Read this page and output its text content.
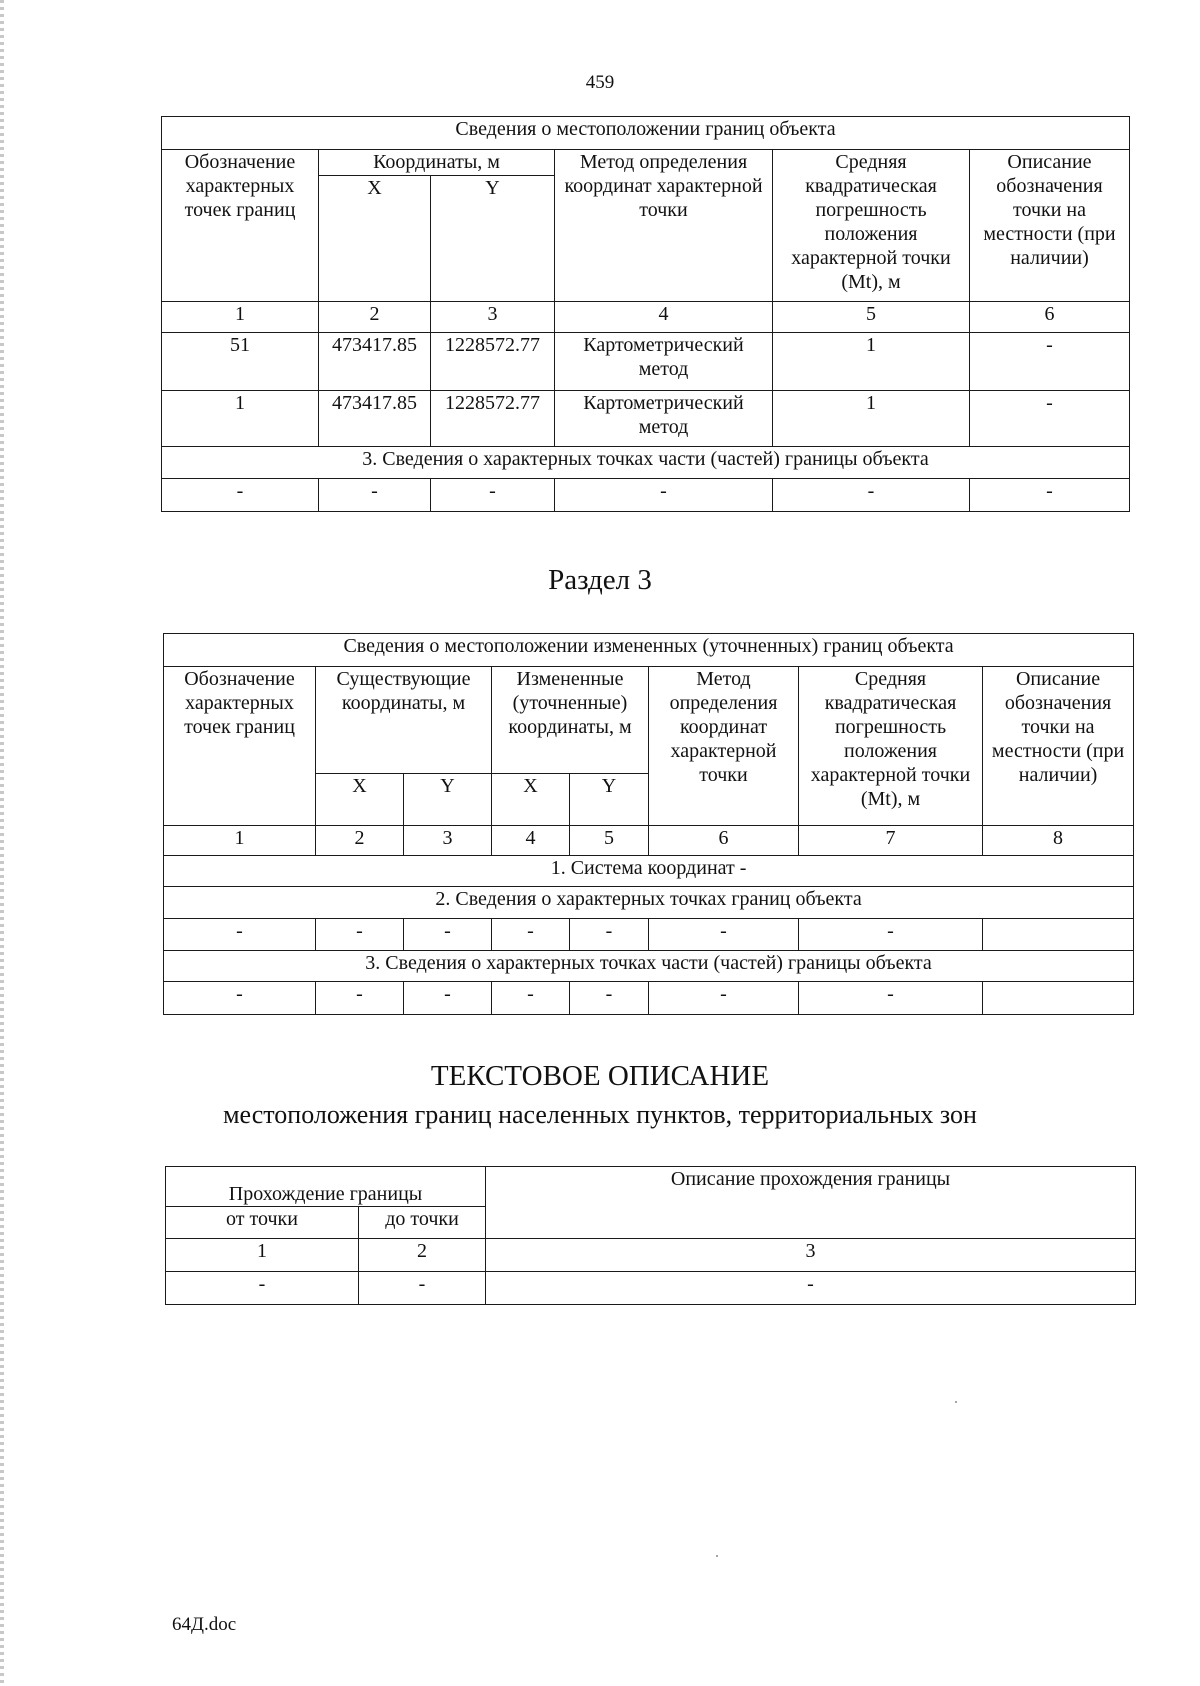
459
Сведения о местоположении границ объекта					
Обозначение характерных точек границ	Координаты, м		Метод определения координат характерной точки	Средняя квадратическая погрешность положения характерной точки (Mt), м	Описание обозначения точки на местности (при наличии)
	X	Y			
1	2	3	4	5	6
51	473417.85	1228572.77	Картометрический метод	1	-
1	473417.85	1228572.77	Картометрический метод	1	-
3. Сведения о характерных точках части (частей) границы объекта					
-	-	-	-	-	-
Раздел 3
Сведения о местоположении измененных (уточненных) границ объекта							
Обозначение характерных точек границ	Существующие координаты, м		Измененные (уточненные) координаты, м		Метод определения координат характерной точки	Средняя квадратическая погрешность положения характерной точки (Mt), м	Описание обозначения точки на местности (при наличии)
	X	Y	X	Y			
1	2	3	4	5	6	7	8
1. Система координат -							
2. Сведения о характерных точках границ объекта							
-	-	-	-	-	-	-	
3. Сведения о характерных точках части (частей) границы объекта							
-	-	-	-	-	-	-	
ТЕКСТОВОЕ ОПИСАНИЕ
местоположения границ населенных пунктов, территориальных зон
Прохождение границы		Описание прохождения границы
от точки	до точки	
1	2	3
-	-	-
64Д.doc
